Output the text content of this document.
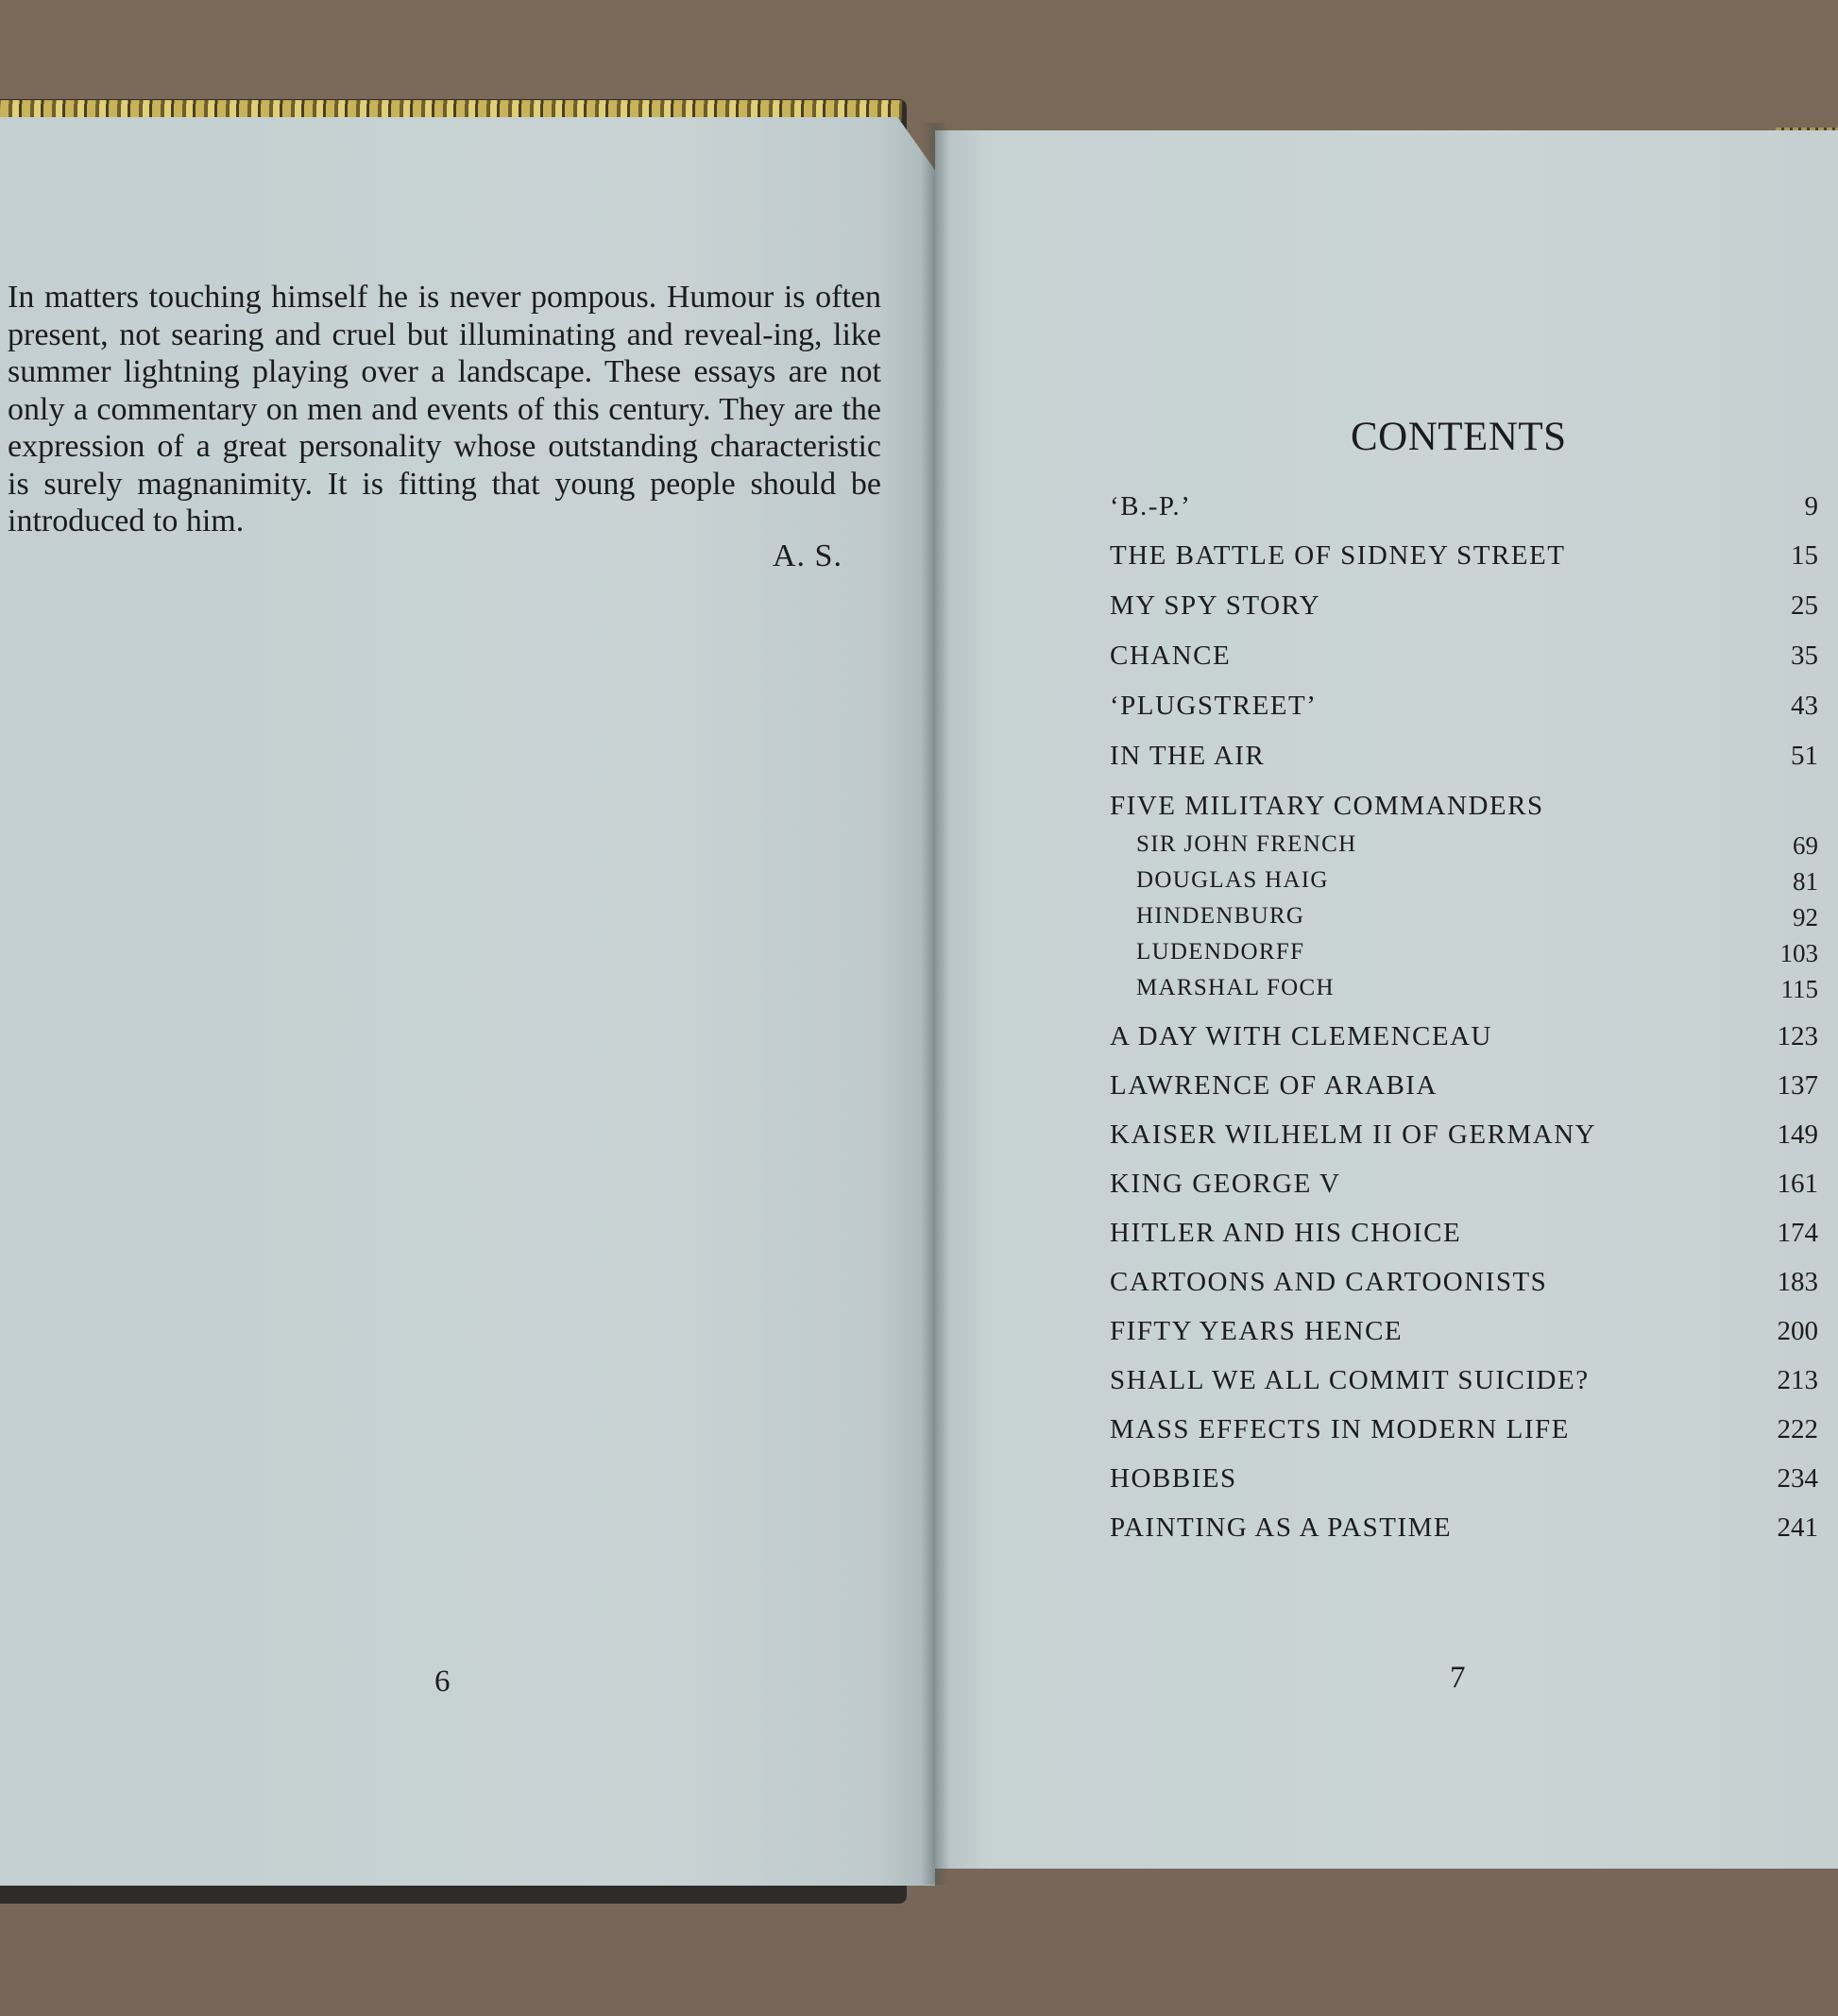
In matters touching himself he is never pompous. Humour is often present, not searing and cruel but illuminating and reveal-ing, like summer lightning playing over a landscape. These essays are not only a commentary on men and events of this century. They are the expression of a great personality whose outstanding characteristic is surely magnanimity. It is fitting that young people should be introduced to him.

A. S.
6
CONTENTS
‘B.-P.’	9
THE BATTLE OF SIDNEY STREET	15
MY SPY STORY	25
CHANCE	35
‘PLUGSTREET’	43
IN THE AIR	51
FIVE MILITARY COMMANDERS
SIR JOHN FRENCH	69
DOUGLAS HAIG	81
HINDENBURG	92
LUDENDORFF	103
MARSHAL FOCH	115
A DAY WITH CLEMENCEAU	123
LAWRENCE OF ARABIA	137
KAISER WILHELM II OF GERMANY	149
KING GEORGE V	161
HITLER AND HIS CHOICE	174
CARTOONS AND CARTOONISTS	183
FIFTY YEARS HENCE	200
SHALL WE ALL COMMIT SUICIDE?	213
MASS EFFECTS IN MODERN LIFE	222
HOBBIES	234
PAINTING AS A PASTIME	241
7
